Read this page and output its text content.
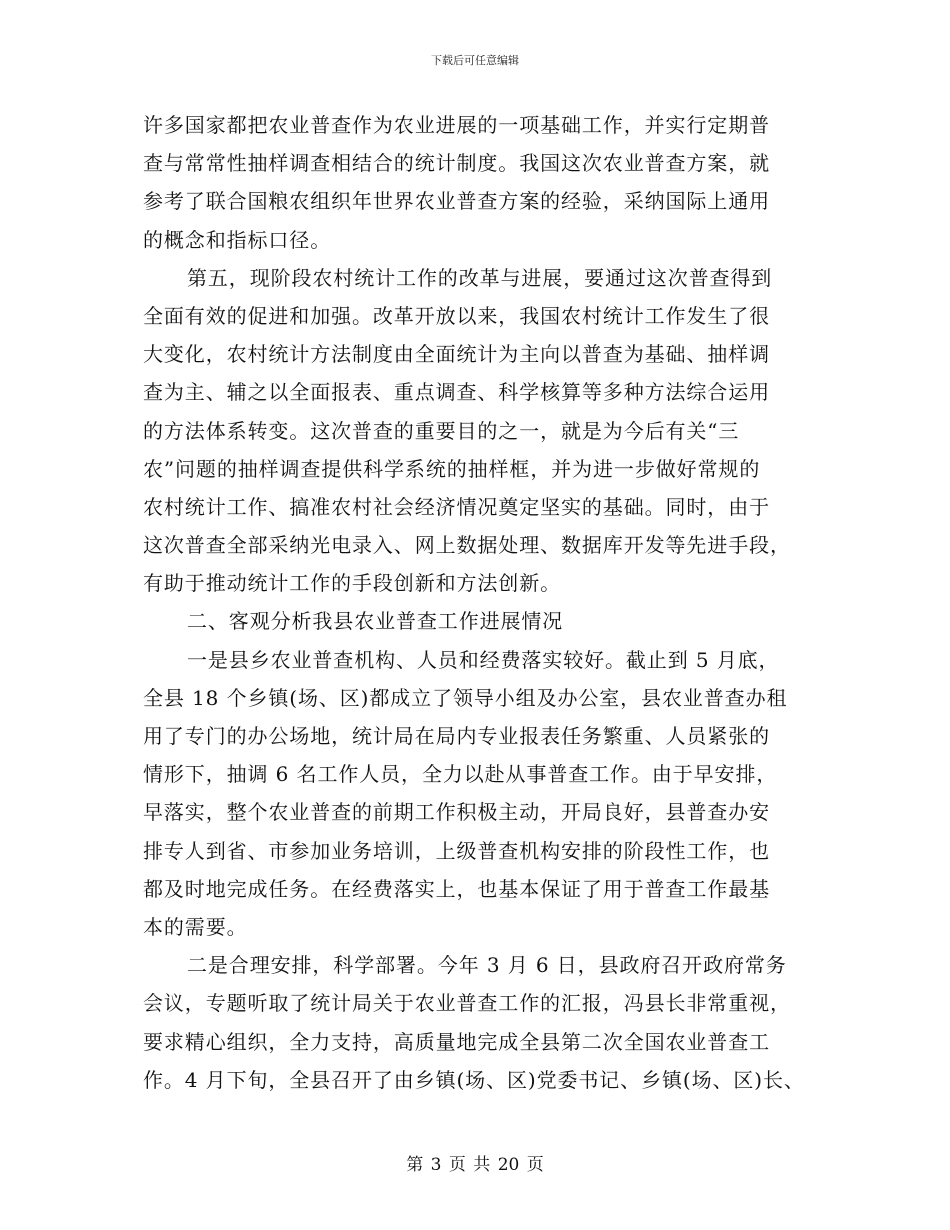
下载后可任意编辑
许多国家都把农业普查作为农业进展的一项基础工作，并实行定期普
查与常常性抽样调查相结合的统计制度。我国这次农业普查方案，就
参考了联合国粮农组织年世界农业普查方案的经验，采纳国际上通用
的概念和指标口径。
第五，现阶段农村统计工作的改革与进展，要通过这次普查得到
全面有效的促进和加强。改革开放以来，我国农村统计工作发生了很
大变化，农村统计方法制度由全面统计为主向以普查为基础、抽样调
查为主、辅之以全面报表、重点调查、科学核算等多种方法综合运用
的方法体系转变。这次普查的重要目的之一，就是为今后有关“三
农”问题的抽样调查提供科学系统的抽样框，并为进一步做好常规的
农村统计工作、搞准农村社会经济情况奠定坚实的基础。同时，由于
这次普查全部采纳光电录入、网上数据处理、数据库开发等先进手段，
有助于推动统计工作的手段创新和方法创新。
二、客观分析我县农业普查工作进展情况
一是县乡农业普查机构、人员和经费落实较好。截止到 5 月底，
全县 18 个乡镇(场、区)都成立了领导小组及办公室，县农业普查办租
用了专门的办公场地，统计局在局内专业报表任务繁重、人员紧张的
情形下，抽调 6 名工作人员，全力以赴从事普查工作。由于早安排，
早落实，整个农业普查的前期工作积极主动，开局良好，县普查办安
排专人到省、市参加业务培训，上级普查机构安排的阶段性工作，也
都及时地完成任务。在经费落实上，也基本保证了用于普查工作最基
本的需要。
二是合理安排，科学部署。今年 3 月 6 日，县政府召开政府常务
会议，专题听取了统计局关于农业普查工作的汇报，冯县长非常重视，
要求精心组织，全力支持，高质量地完成全县第二次全国农业普查工
作。4 月下旬，全县召开了由乡镇(场、区)党委书记、乡镇(场、区)长、
第 3 页 共 20 页
